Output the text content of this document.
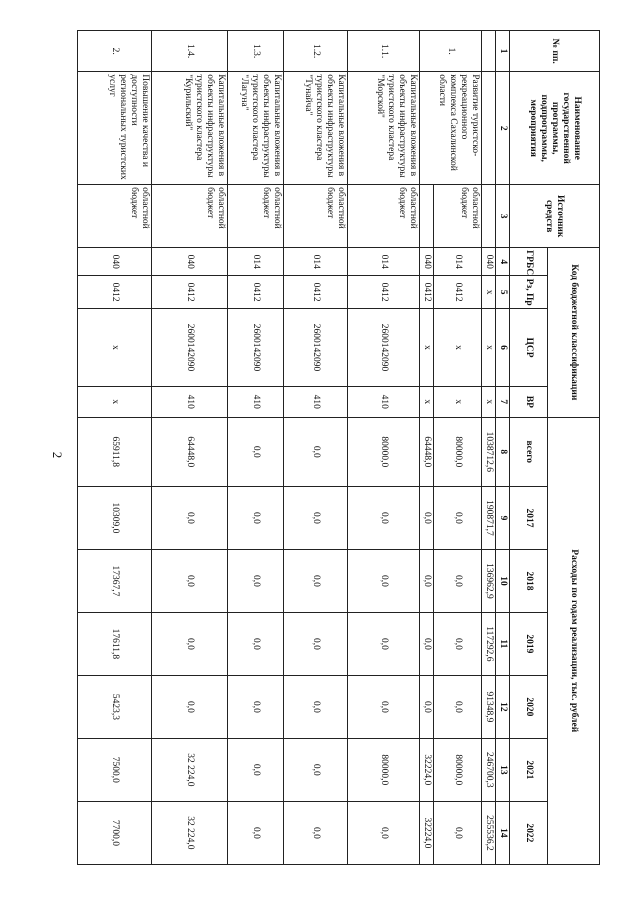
2
№ пп.	Наименование государственной программы, подпрограммы, мероприятия	Источник средств	Код бюджетной классификации				Расходы по годам реализации, тыс. рублей						
			ГРБС	Рз, Пр	ЦСР	ВР	всего	2017	2018	2019	2020	2021	2022
1	2	3	4	5	6	7	8	9	10	11	12	13	14
			040	x	x	x	1038712,6	190871,7	136962,9	117292,6	91348,9	246700,3	255536,2
1.	Развитие туристско-рекреационного комплекса Сахалинской области	областной бюджет	014	0412	x	x	80000,0	0,0	0,0	0,0	0,0	80000,0	0,0
			040	0412	x	x	64448,0	0,0	0,0	0,0	0,0	32224,0	32224,0
1.1.	Капитальные вложения в объекты инфраструктуры туристского кластера "Морской"	областной бюджет	014	0412	2600142090	410	80000,0	0,0	0,0	0,0	0,0	80000,0	0,0
1.2.	Капитальные вложения в объекты инфраструктуры туристского кластера "Тунайча"	областной бюджет	014	0412	2600142090	410	0,0	0,0	0,0	0,0	0,0	0,0	0,0
1.3.	Капитальные вложения в объекты инфраструктуры туристского кластера "Лагуна"	областной бюджет	014	0412	2600142090	410	0,0	0,0	0,0	0,0	0,0	0,0	0,0
1.4.	Капитальные вложения в объекты инфраструктуры туристского кластера "Курильский"	областной бюджет	040	0412	2600142090	410	64448,0	0,0	0,0	0,0	0,0	32 224,0	32 224,0
2.	Повышение качества и доступности региональных туристских услуг	областной бюджет	040	0412	x	x	65911,8	10309,0	17367,7	17611,8	5423,3	7500,0	7700,0
